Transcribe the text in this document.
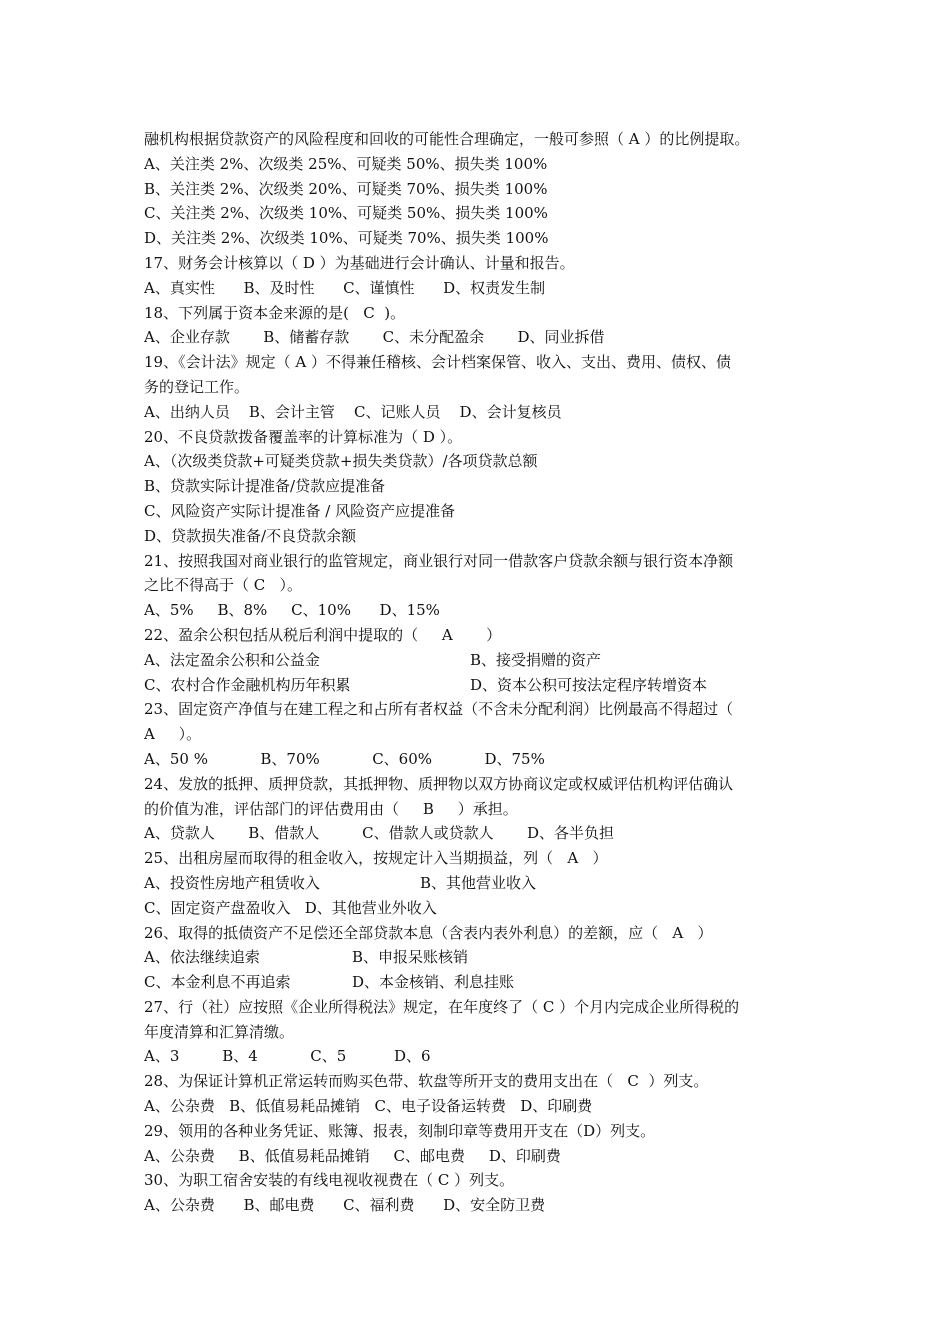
融机构根据贷款资产的风险程度和回收的可能性合理确定，一般可参照（ A ）的比例提取。
A、关注类 2%、次级类 25%、可疑类 50%、损失类 100%
B、关注类 2%、次级类 20%、可疑类 70%、损失类 100%
C、关注类 2%、次级类 10%、可疑类 50%、损失类 100%
D、关注类 2%、次级类 10%、可疑类 70%、损失类 100%
17、财务会计核算以（ D ）为基础进行会计确认、计量和报告。
A、真实性      B、及时性      C、谨慎性      D、权责发生制
18、下列属于资本金来源的是(   C  )。
A、企业存款       B、储蓄存款       C、未分配盈余       D、同业拆借
19、《会计法》规定（ A ）不得兼任稽核、会计档案保管、收入、支出、费用、债权、债
务的登记工作。
A、出纳人员    B、会计主管    C、记账人员    D、会计复核员
20、不良贷款拨备覆盖率的计算标准为（ D ）。
A、（次级类贷款+可疑类贷款+损失类贷款）/各项贷款总额
B、贷款实际计提准备/贷款应提准备
C、风险资产实际计提准备 / 风险资产应提准备
D、贷款损失准备/不良贷款余额
21、按照我国对商业银行的监管规定，商业银行对同一借款客户贷款余额与银行资本净额
之比不得高于（ C   ）。
A、5%     B、8%     C、10%      D、15%
22、盈余公积包括从税后利润中提取的（     A       ）

A、法定盈余公积和公益金

	B、接受捐赠的资产

C、农村合作金融机构历年积累

	D、资本公积可按法定程序转增资本

23、固定资产净值与在建工程之和占所有者权益（不含未分配利润）比例最高不得超过（
A     ）。
A、50 %           B、70%           C、60%           D、75%
24、发放的抵押、质押贷款，其抵押物、质押物以双方协商议定或权威评估机构评估确认
的价值为准，评估部门的评估费用由（     B     ）承担。
A、贷款人       B、借款人         C、借款人或贷款人       D、各半负担
25、出租房屋而取得的租金收入，按规定计入当期损益，列（   A   ）

A、投资性房地产租赁收入

	B、其他营业收入

C、固定资产盘盈收入   D、其他营业外收入
26、取得的抵债资产不足偿还全部贷款本息（含表内表外利息）的差额，应（   A   ）

A、依法继续追索

	B、申报呆账核销

C、本金利息不再追索

	D、本金核销、利息挂账

27、行（社）应按照《企业所得税法》规定，在年度终了（ C ）个月内完成企业所得税的
年度清算和汇算清缴。
A、3         B、4           C、5          D、6
28、为保证计算机正常运转而购买色带、软盘等所开支的费用支出在（   C  ）列支。
A、公杂费   B、低值易耗品摊销   C、电子设备运转费   D、印刷费
29、领用的各种业务凭证、账簿、报表，刻制印章等费用开支在（D）列支。
A、公杂费     B、低值易耗品摊销     C、邮电费     D、印刷费
30、为职工宿舍安装的有线电视收视费在（ C ）列支。
A、公杂费      B、邮电费      C、福利费      D、安全防卫费
